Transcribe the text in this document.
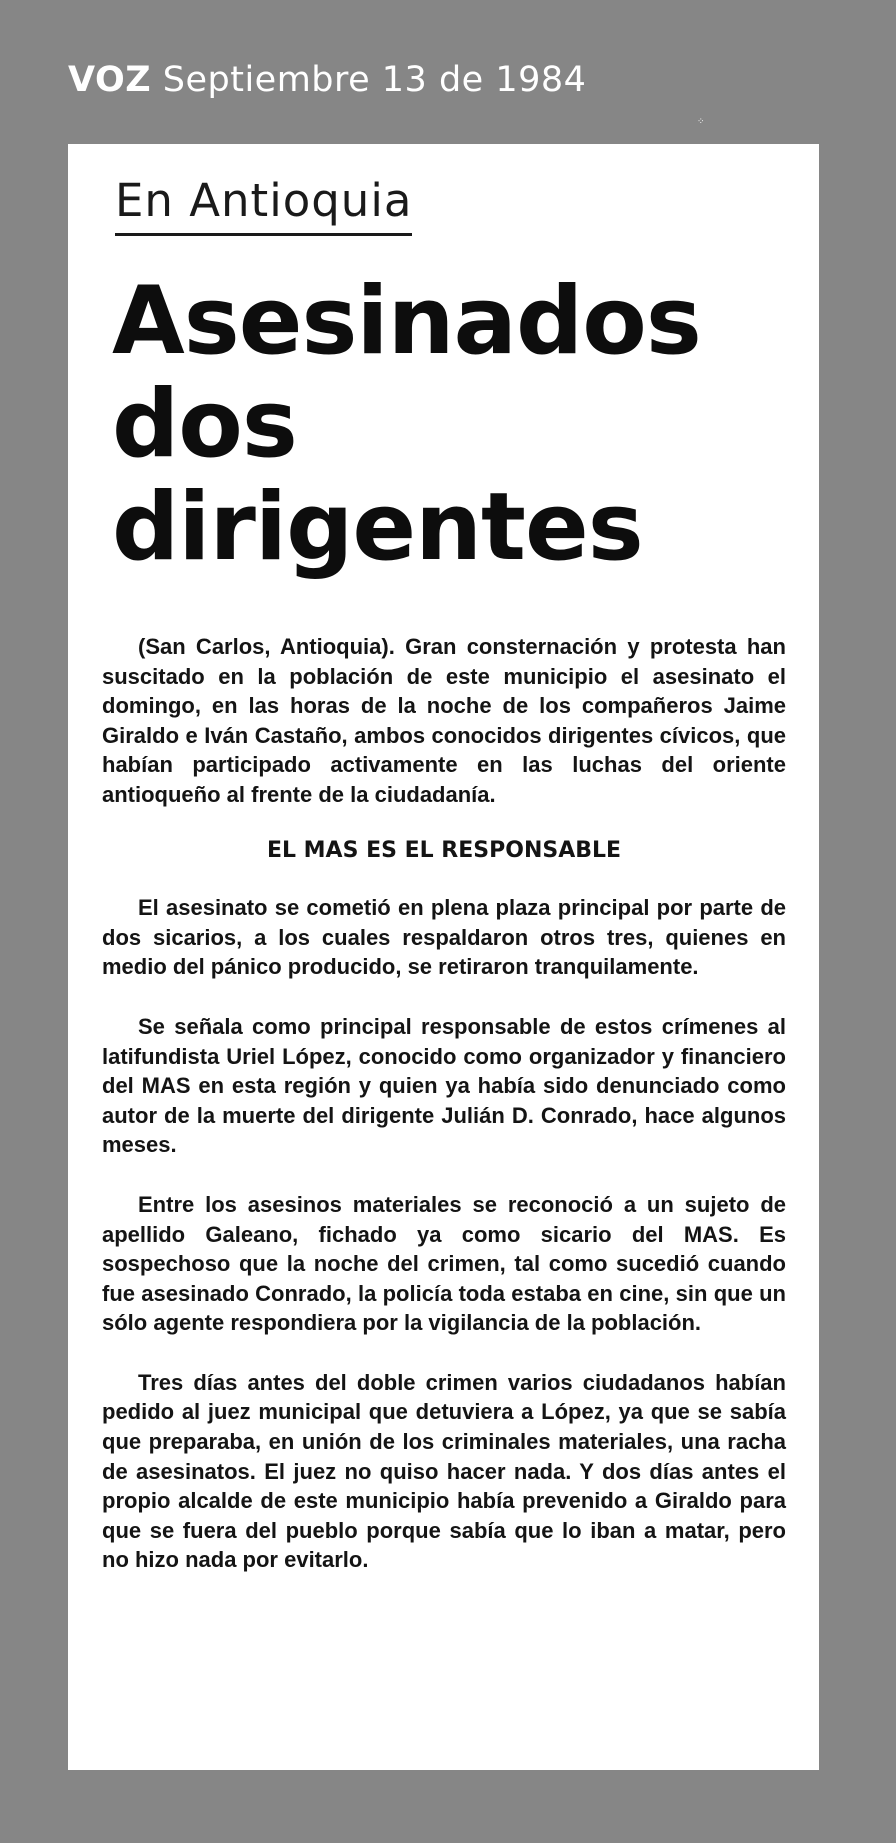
VOZ Septiembre 13 de 1984
⁘
En Antioquia
Asesinados
dos
dirigentes

(San Carlos, Antioquia). Gran consternación y protesta han suscitado en la población de este municipio el asesinato el domingo, en las horas de la noche de los compañeros Jaime Giraldo e Iván Castaño, ambos conocidos dirigentes cívicos, que habían participado activamente en las luchas del oriente antioqueño al frente de la ciudadanía.

EL MAS ES EL RESPONSABLE

El asesinato se cometió en plena plaza principal por parte de dos sicarios, a los cuales respaldaron otros tres, quienes en medio del pánico producido, se retiraron tranquilamente.

Se señala como principal responsable de estos crímenes al latifundista Uriel López, conocido como organizador y financiero del MAS en esta región y quien ya había sido denunciado como autor de la muerte del dirigente Julián D. Conrado, hace algunos meses.

Entre los asesinos materiales se reconoció a un sujeto de apellido Galeano, fichado ya como sicario del MAS. Es sospechoso que la noche del crimen, tal como sucedió cuando fue asesinado Conrado, la policía toda estaba en cine, sin que un sólo agente respondiera por la vigilancia de la población.

Tres días antes del doble crimen varios ciudadanos habían pedido al juez municipal que detuviera a López, ya que se sabía que preparaba, en unión de los criminales materiales, una racha de asesinatos. El juez no quiso hacer nada. Y dos días antes el propio alcalde de este municipio había prevenido a Giraldo para que se fuera del pueblo porque sabía que lo iban a matar, pero no hizo nada por evitarlo.
